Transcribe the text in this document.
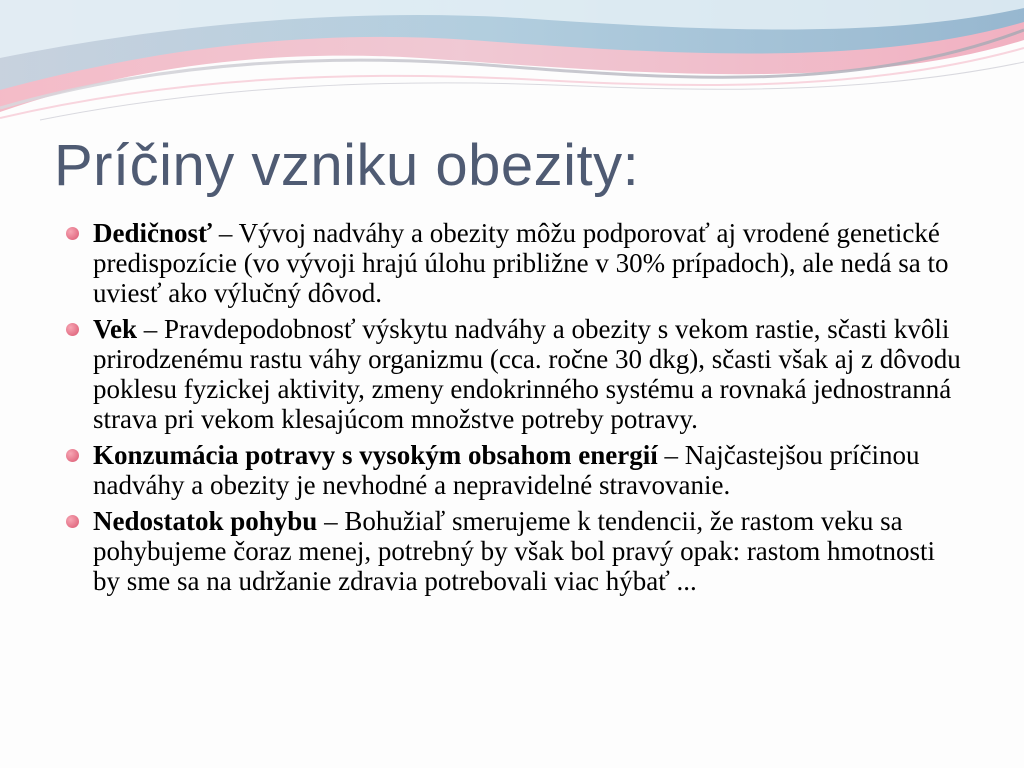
Príčiny vzniku obezity:
Dedičnosť – Vývoj nadváhy a obezity môžu podporovať aj vrodené genetické predispozície (vo vývoji hrajú úlohu približne v 30% prípadoch), ale nedá sa to uviesť ako výlučný dôvod.
Vek – Pravdepodobnosť výskytu nadváhy a obezity s vekom rastie, sčasti kvôli prirodzenému rastu váhy organizmu (cca. ročne 30 dkg), sčasti však aj z dôvodu poklesu fyzickej aktivity, zmeny endokrinného systému a rovnaká jednostranná strava pri vekom klesajúcom množstve potreby potravy.
Konzumácia potravy s vysokým obsahom energií – Najčastejšou príčinou nadváhy a obezity je nevhodné a nepravidelné stravovanie.
Nedostatok pohybu – Bohužiaľ smerujeme k tendencii, že rastom veku sa pohybujeme čoraz menej, potrebný by však bol pravý opak: rastom hmotnosti by sme sa na udržanie zdravia potrebovali viac hýbať ...
